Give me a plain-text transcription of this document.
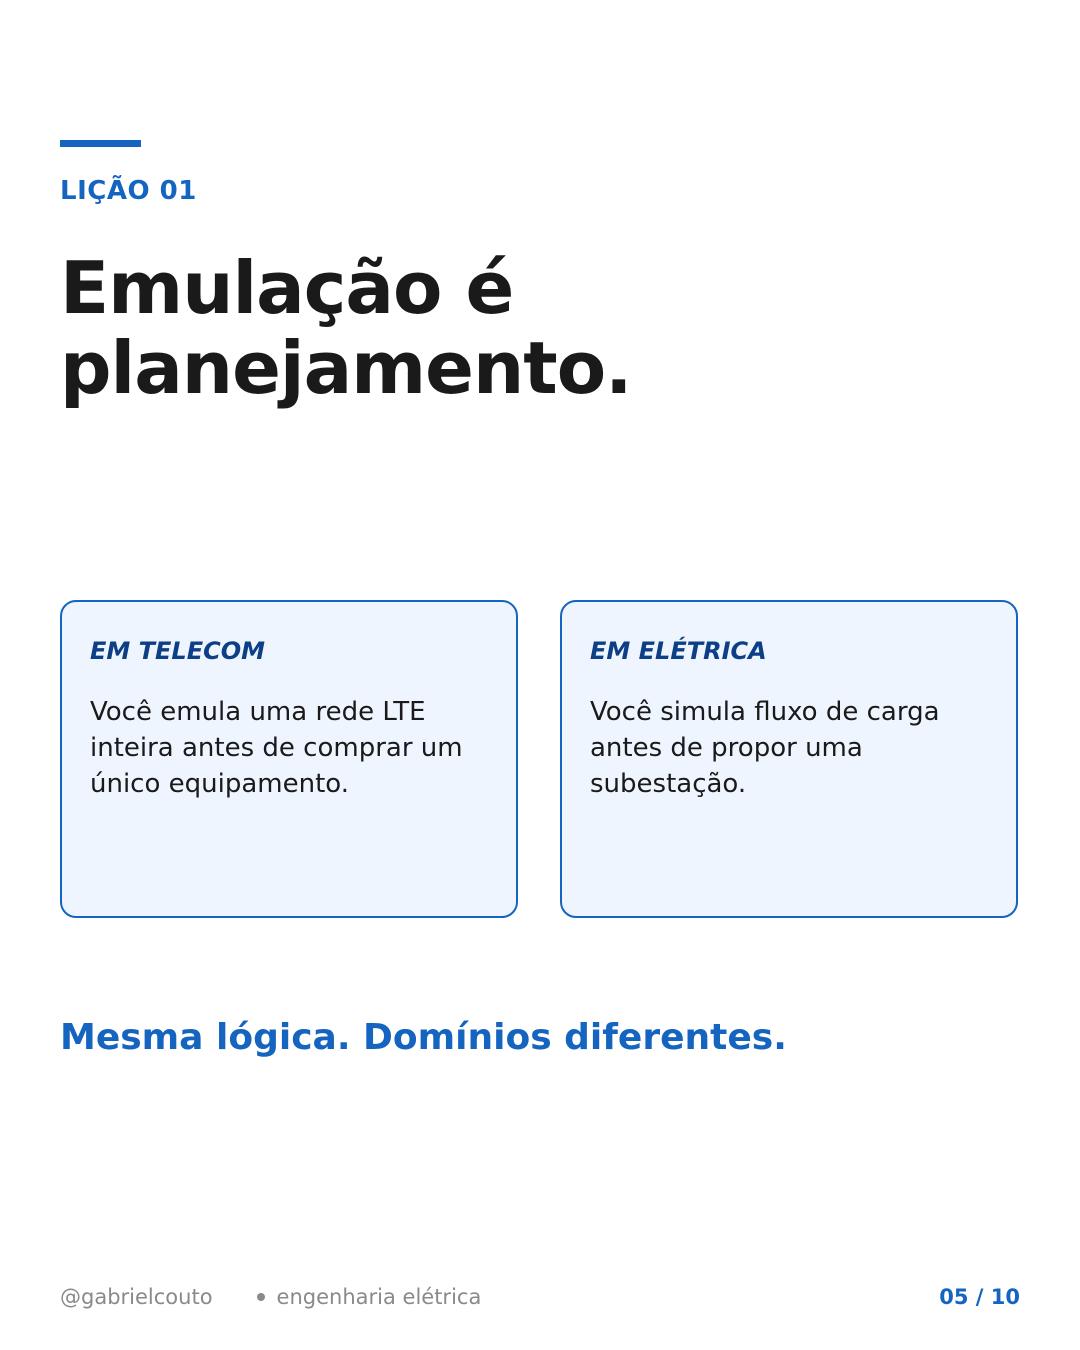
LIÇÃO 01

Emulação é planejamento.

EM TELECOM

Você emula uma rede LTE inteira antes de comprar um único equipamento.

EM ELÉTRICA

Você simula fluxo de carga antes de propor uma subestação.

Mesma lógica. Domínios diferentes.

@gabrielcouto	engenharia elétrica	05 / 10
